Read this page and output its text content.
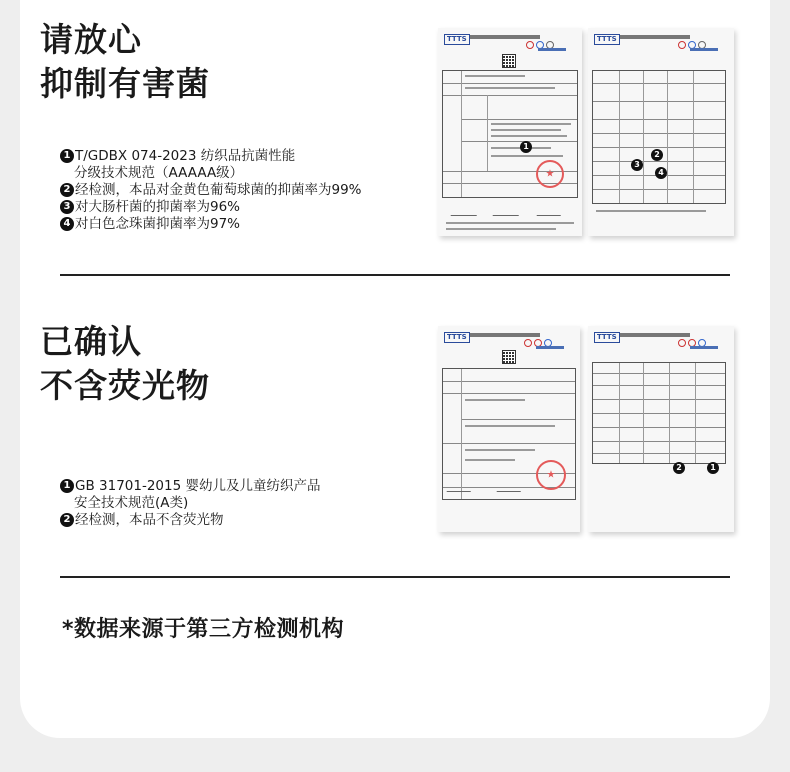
请放心
抑制有害菌
1 T/GDBX 074-2023 纺织品抗菌性能
分级技术规范（AAAAA级）
2 经检测，本品对金黄色葡萄球菌的抑菌率为99%
3 对大肠杆菌的抑菌率为96%
4 对白色念珠菌抑菌率为97%
TTTS
★
1
TTTS
2
3
4
已确认
不含荧光物
1 GB 31701-2015 婴幼儿及儿童纺织产品
安全技术规范(A类)
2 经检测，本品不含荧光物
TTTS
★	TTTS
2	1
*数据来源于第三方检测机构
